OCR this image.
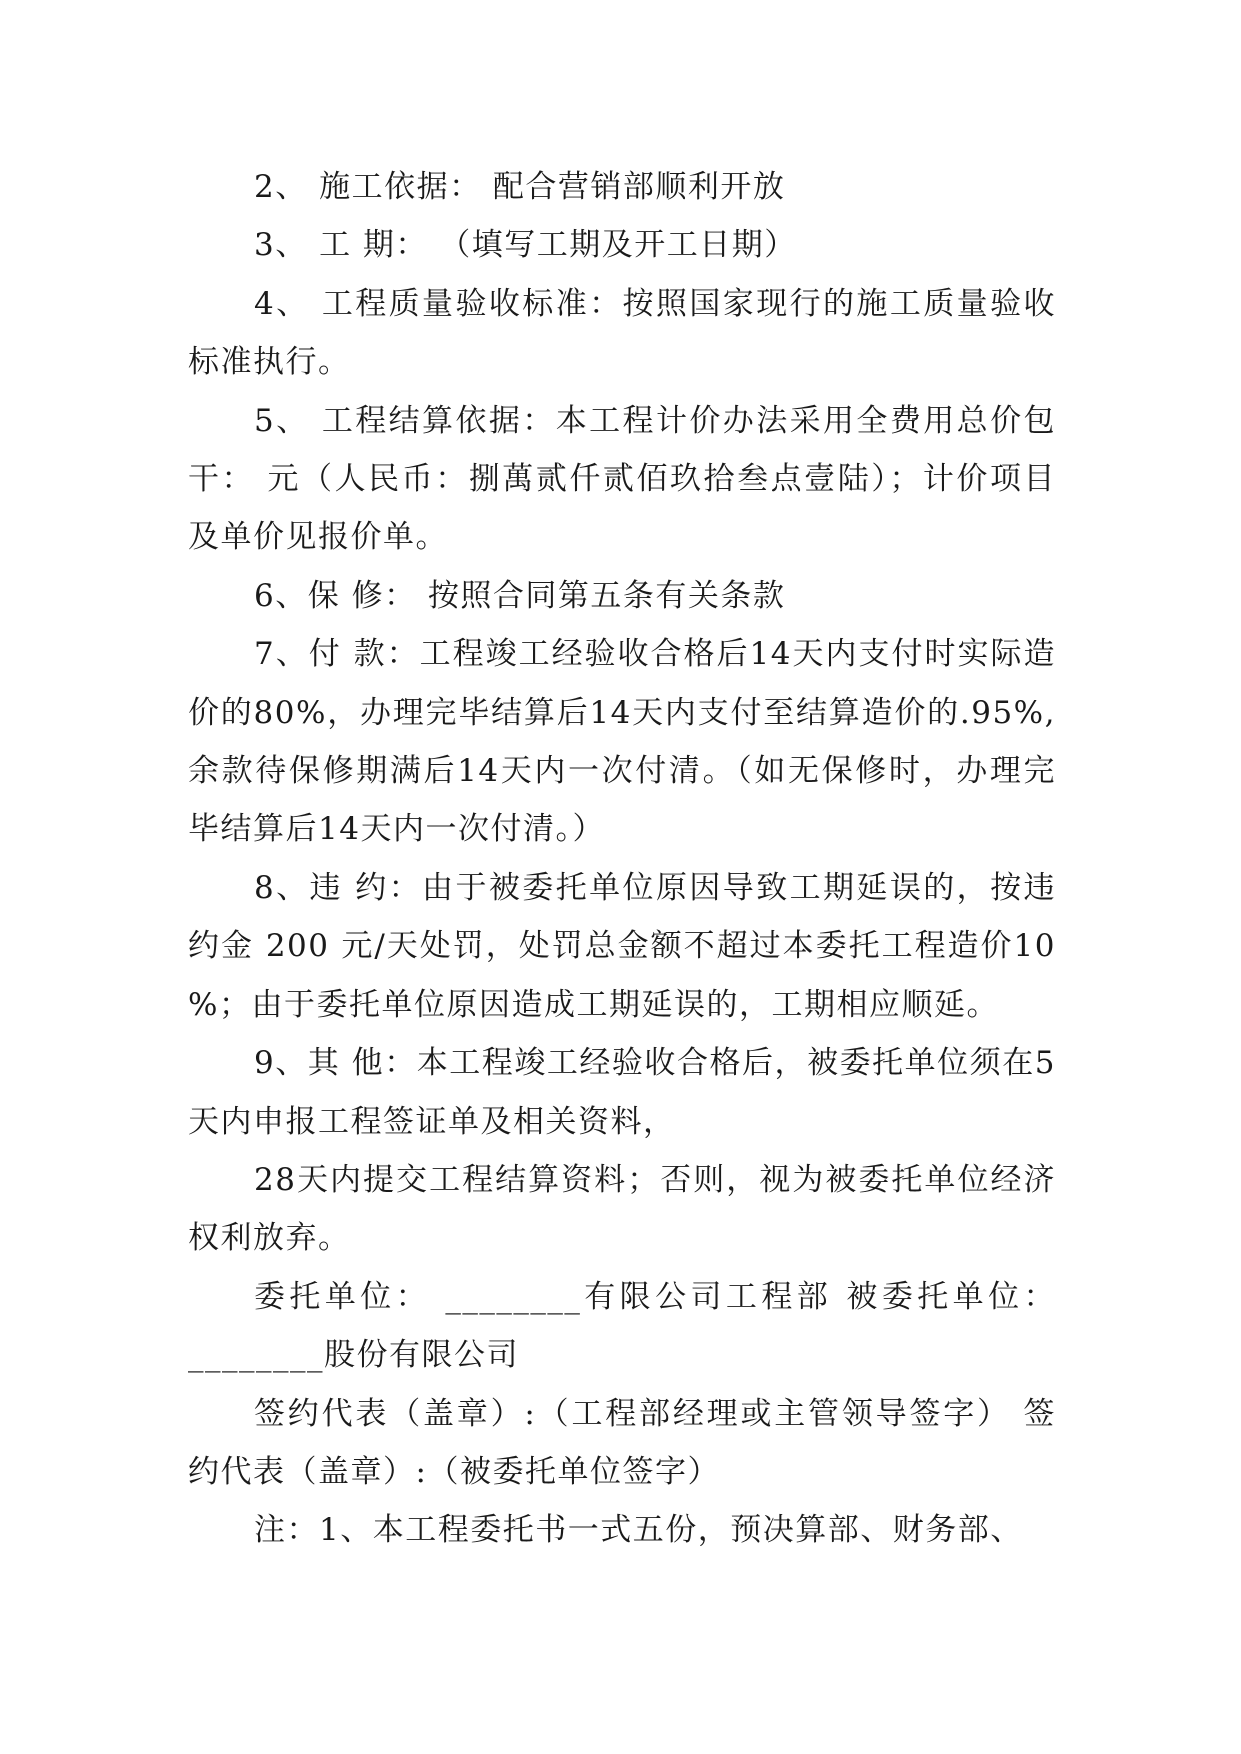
2、 施工依据： 配合营销部顺利开放

3、 工 期： （填写工期及开工日期）

4、 工程质量验收标准：按照国家现行的施工质量验收标准执行。

5、 工程结算依据：本工程计价办法采用全费用总价包干： 元（人民币：捌萬贰仟贰佰玖拾叁点壹陆）；计价项目及单价见报价单。

6、保 修： 按照合同第五条有关条款

7、付 款：工程竣工经验收合格后14天内支付时实际造价的80%，办理完毕结算后14天内支付至结算造价的.95%,余款待保修期满后14天内一次付清。（如无保修时，办理完毕结算后14天内一次付清。）

8、违 约：由于被委托单位原因导致工期延误的，按违约金 200 元/天处罚，处罚总金额不超过本委托工程造价10 %；由于委托单位原因造成工期延误的，工期相应顺延。

9、其 他：本工程竣工经验收合格后，被委托单位须在5天内申报工程签证单及相关资料，

28天内提交工程结算资料；否则，视为被委托单位经济权利放弃。

委托单位： ________有限公司工程部 被委托单位：________股份有限公司

签约代表（盖章）:（工程部经理或主管领导签字） 签约代表（盖章）:（被委托单位签字）

注：1、本工程委托书一式五份，预决算部、财务部、
